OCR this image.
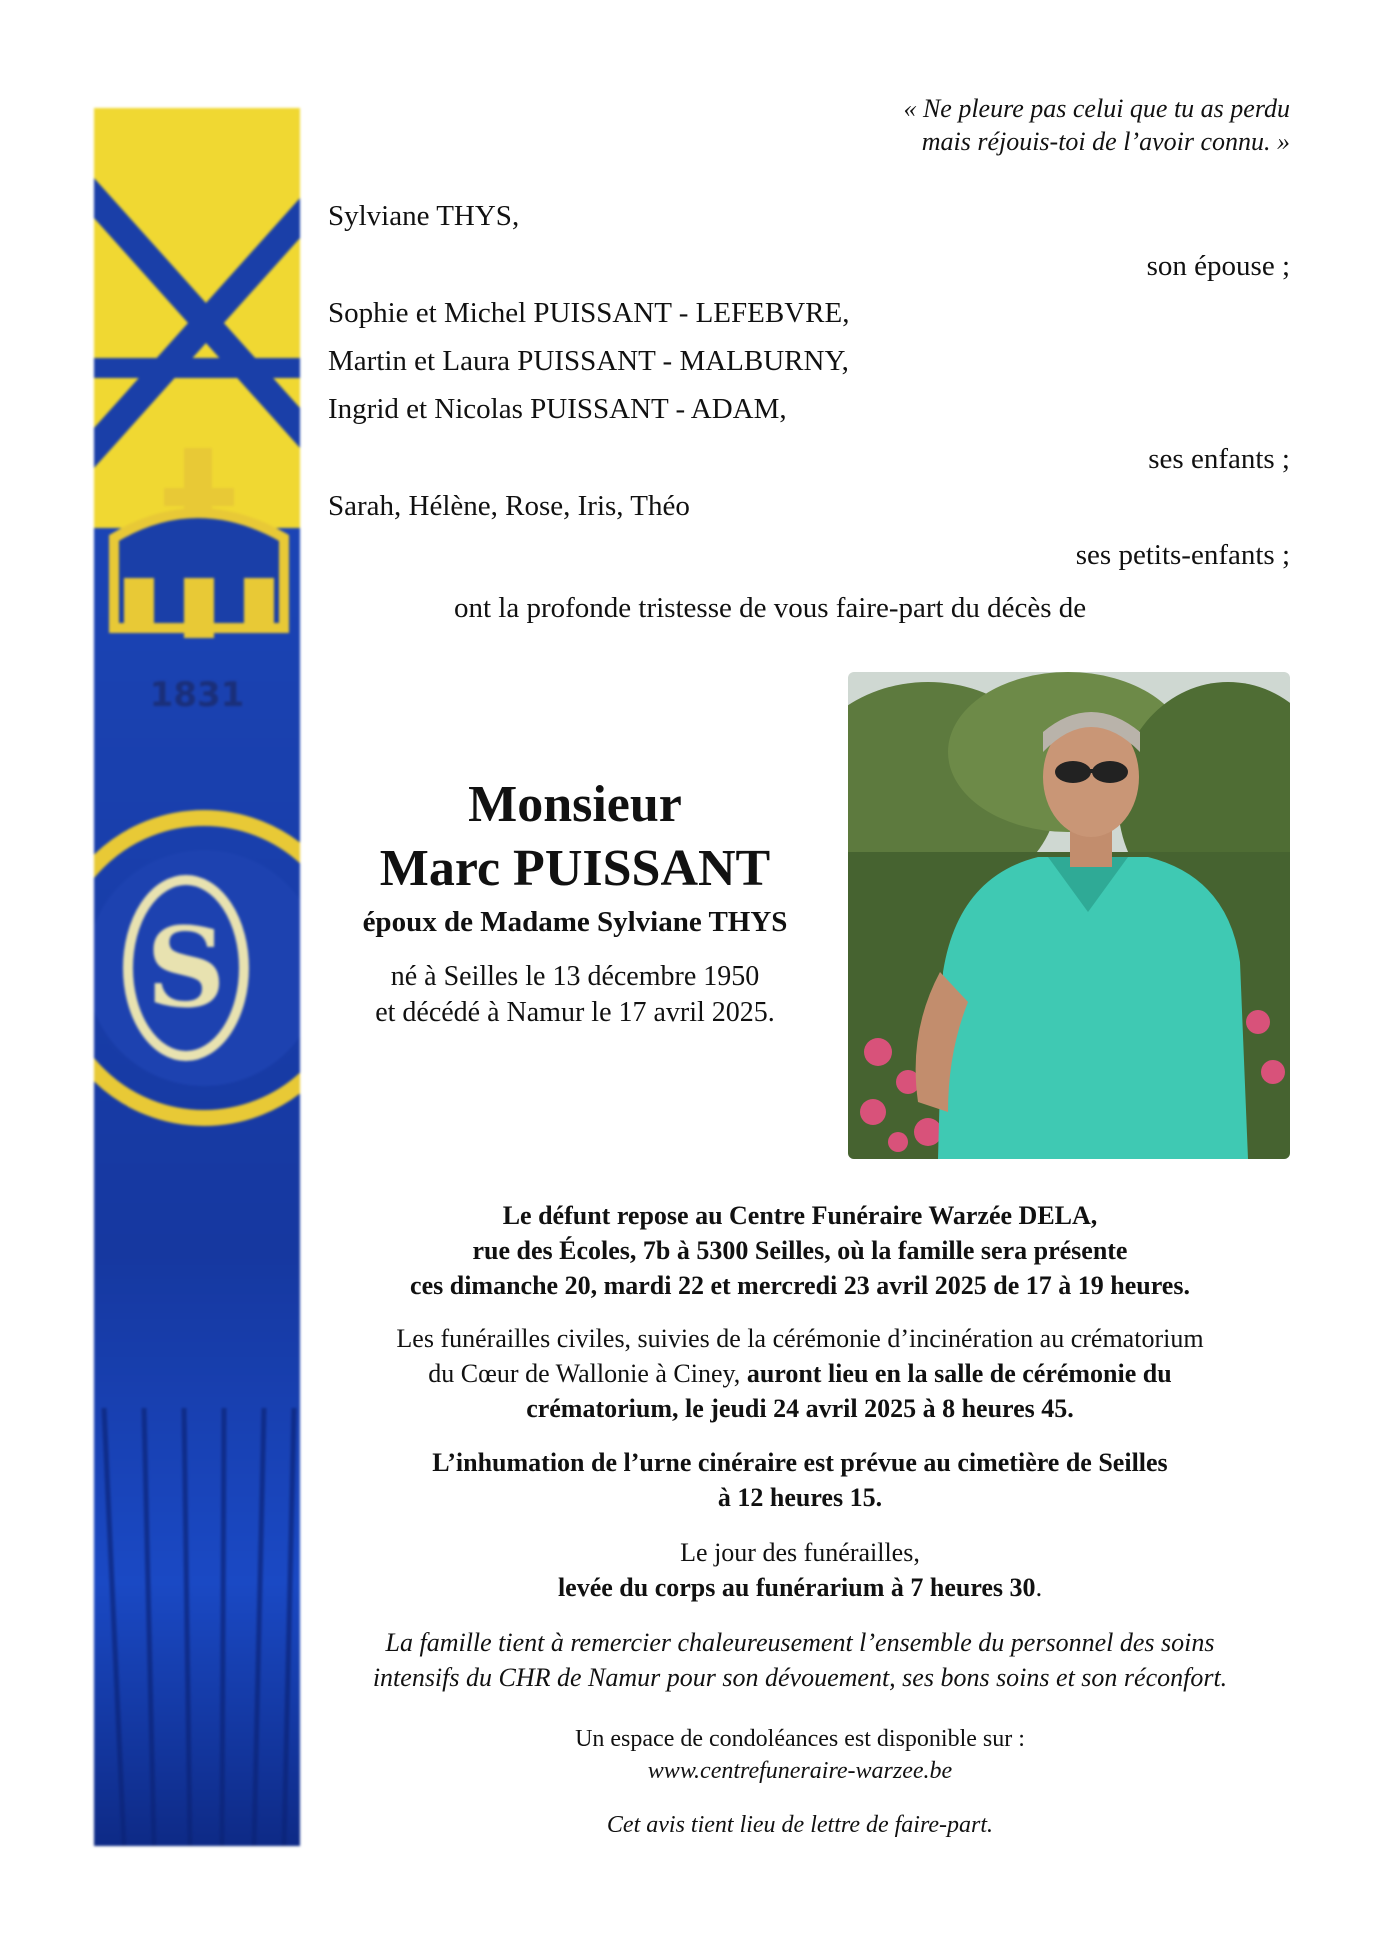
1831
S
« Ne pleure pas celui que tu as perdu
mais réjouis-toi de l’avoir connu. »
Sylviane THYS,
son épouse ;
Sophie et Michel PUISSANT - LEFEBVRE,
Martin et Laura PUISSANT - MALBURNY,
Ingrid et Nicolas PUISSANT - ADAM,
ses enfants ;
Sarah, Hélène, Rose, Iris, Théo
ses petits-enfants ;
ont la profonde tristesse de vous faire-part du décès de
Monsieur
Marc PUISSANT
époux de Madame Sylviane THYS
né à Seilles le 13 décembre 1950
et décédé à Namur le 17 avril 2025.
Le défunt repose au Centre Funéraire Warzée DELA,
rue des Écoles, 7b à 5300 Seilles, où la famille sera présente
ces dimanche 20, mardi 22 et mercredi 23 avril 2025 de 17 à 19 heures.
Les funérailles civiles, suivies de la cérémonie d’incinération au crématorium
du Cœur de Wallonie à Ciney, auront lieu en la salle de cérémonie du
crématorium, le jeudi 24 avril 2025 à 8 heures 45.
L’inhumation de l’urne cinéraire est prévue au cimetière de Seilles
à 12 heures 15.
Le jour des funérailles,
levée du corps au funérarium à 7 heures 30.
La famille tient à remercier chaleureusement l’ensemble du personnel des soins
intensifs du CHR de Namur pour son dévouement, ses bons soins et son réconfort.
Un espace de condoléances est disponible sur :
www.centrefuneraire-warzee.be
Cet avis tient lieu de lettre de faire-part.
